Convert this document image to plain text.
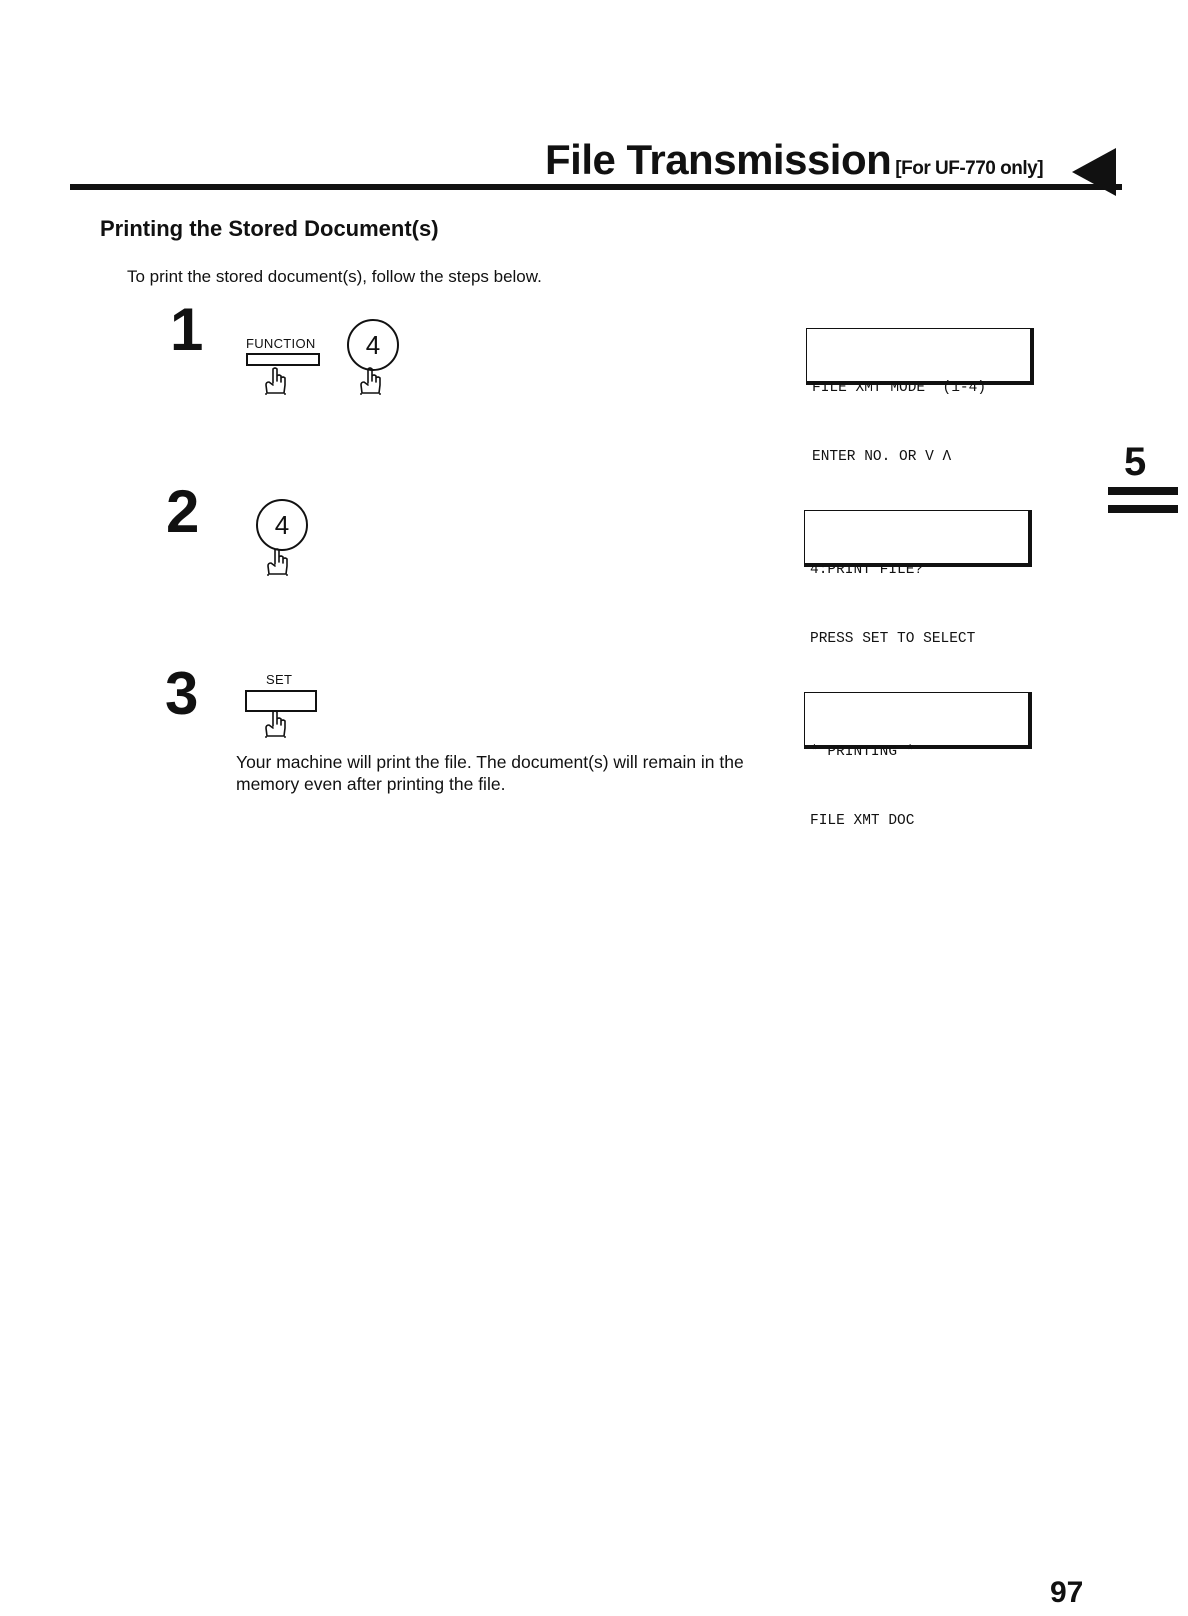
File Transmission [For UF-770 only]
Printing the Stored Document(s)
To print the stored document(s), follow the steps below.
1	FUNCTION	4

FILE XMT MODE  (1-4)

ENTER NO. OR V Λ

2	4

4:PRINT FILE?

PRESS SET TO SELECT

3	SET

* PRINTING *

FILE XMT DOC

Your machine will print the file. The document(s) will remain in the memory even after printing the file.
5
97
